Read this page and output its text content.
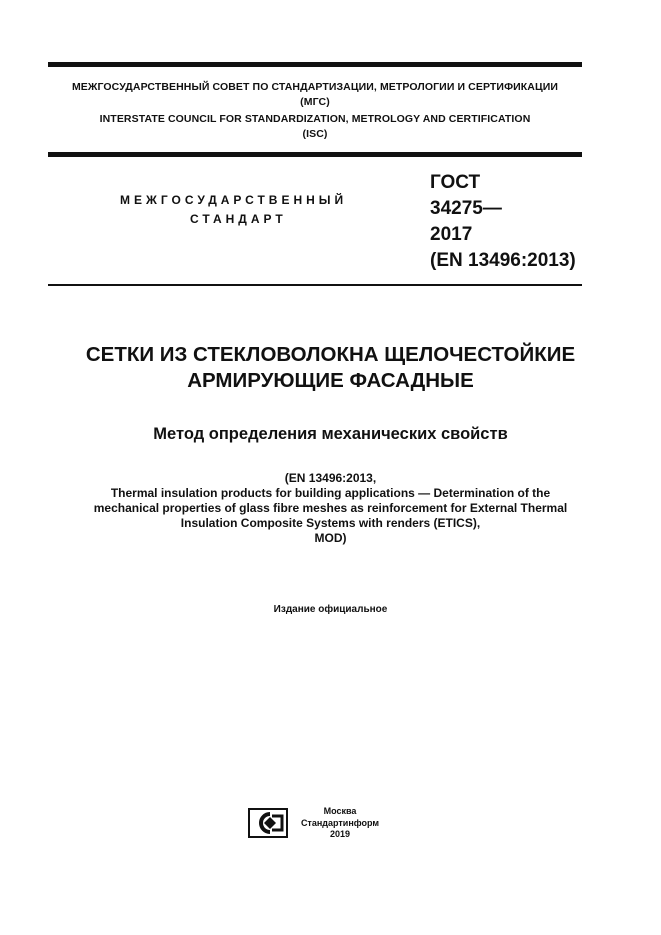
МЕЖГОСУДАРСТВЕННЫЙ СОВЕТ ПО СТАНДАРТИЗАЦИИ, МЕТРОЛОГИИ И СЕРТИФИКАЦИИ
(МГС)
INTERSTATE COUNCIL FOR STANDARDIZATION, METROLOGY AND CERTIFICATION
(ISC)
МЕЖГОСУДАРСТВЕННЫЙ
СТАНДАРТ
ГОСТ
34275—
2017
(EN 13496:2013)
СЕТКИ ИЗ СТЕКЛОВОЛОКНА ЩЕЛОЧЕСТОЙКИЕ
АРМИРУЮЩИЕ ФАСАДНЫЕ
Метод определения механических свойств
(EN 13496:2013,
Thermal insulation products for building applications — Determination of the
mechanical properties of glass fibre meshes as reinforcement for External Thermal
Insulation Composite Systems with renders (ETICS),
MOD)
Издание официальное
Москва
Стандартинформ
2019
